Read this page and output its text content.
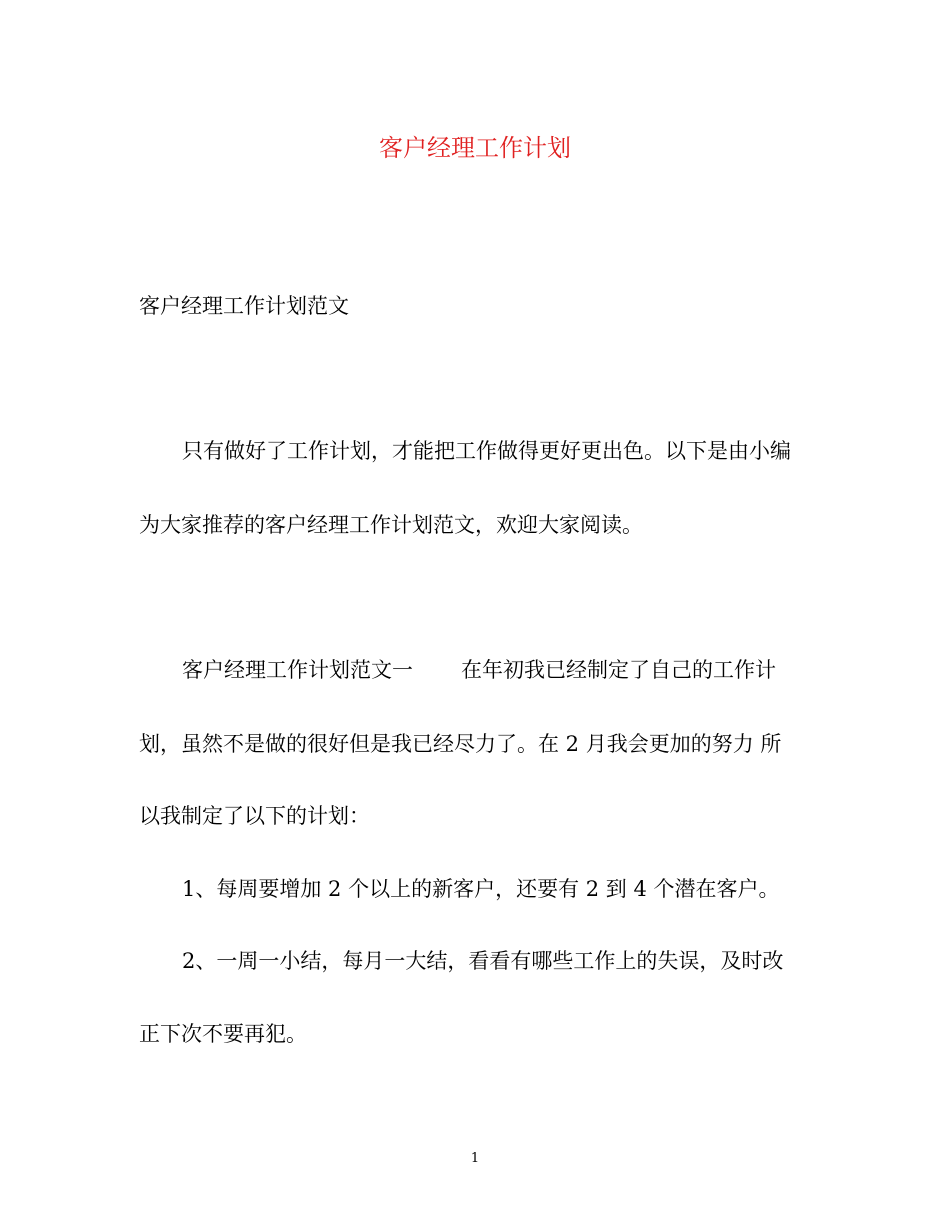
客户经理工作计划
客户经理工作计划范文
只有做好了工作计划，才能把工作做得更好更出色。以下是由小编
为大家推荐的客户经理工作计划范文，欢迎大家阅读。
客户经理工作计划范文一 在年初我已经制定了自己的工作计
划，虽然不是做的很好但是我已经尽力了。在 2 月我会更加的努力 所
以我制定了以下的计划：
1、每周要增加 2 个以上的新客户，还要有 2 到 4 个潜在客户。
2、一周一小结，每月一大结，看看有哪些工作上的失误，及时改
正下次不要再犯。
1
